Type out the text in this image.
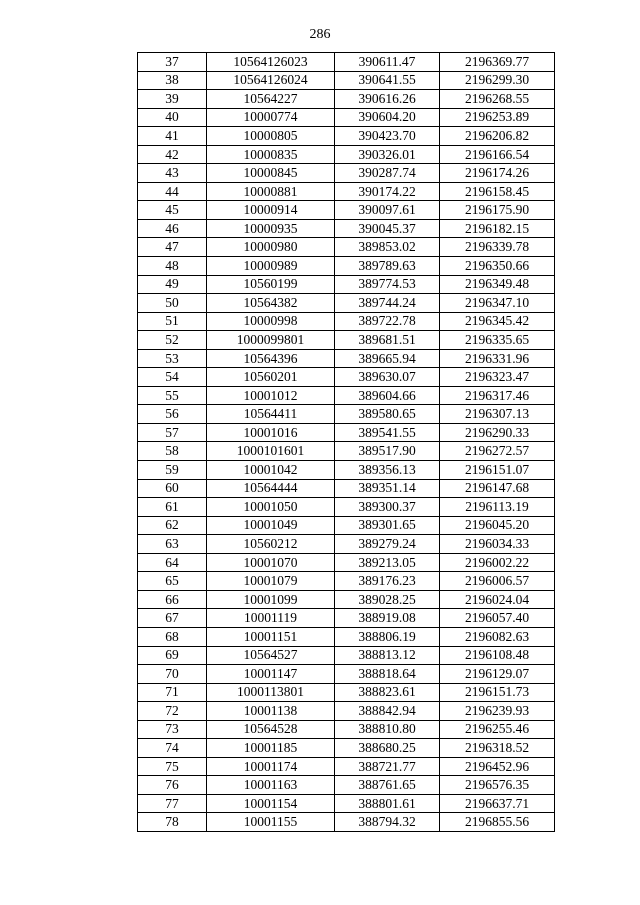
286
37	10564126023	390611.47	2196369.77
38	10564126024	390641.55	2196299.30
39	10564227	390616.26	2196268.55
40	10000774	390604.20	2196253.89
41	10000805	390423.70	2196206.82
42	10000835	390326.01	2196166.54
43	10000845	390287.74	2196174.26
44	10000881	390174.22	2196158.45
45	10000914	390097.61	2196175.90
46	10000935	390045.37	2196182.15
47	10000980	389853.02	2196339.78
48	10000989	389789.63	2196350.66
49	10560199	389774.53	2196349.48
50	10564382	389744.24	2196347.10
51	10000998	389722.78	2196345.42
52	1000099801	389681.51	2196335.65
53	10564396	389665.94	2196331.96
54	10560201	389630.07	2196323.47
55	10001012	389604.66	2196317.46
56	10564411	389580.65	2196307.13
57	10001016	389541.55	2196290.33
58	1000101601	389517.90	2196272.57
59	10001042	389356.13	2196151.07
60	10564444	389351.14	2196147.68
61	10001050	389300.37	2196113.19
62	10001049	389301.65	2196045.20
63	10560212	389279.24	2196034.33
64	10001070	389213.05	2196002.22
65	10001079	389176.23	2196006.57
66	10001099	389028.25	2196024.04
67	10001119	388919.08	2196057.40
68	10001151	388806.19	2196082.63
69	10564527	388813.12	2196108.48
70	10001147	388818.64	2196129.07
71	1000113801	388823.61	2196151.73
72	10001138	388842.94	2196239.93
73	10564528	388810.80	2196255.46
74	10001185	388680.25	2196318.52
75	10001174	388721.77	2196452.96
76	10001163	388761.65	2196576.35
77	10001154	388801.61	2196637.71
78	10001155	388794.32	2196855.56
